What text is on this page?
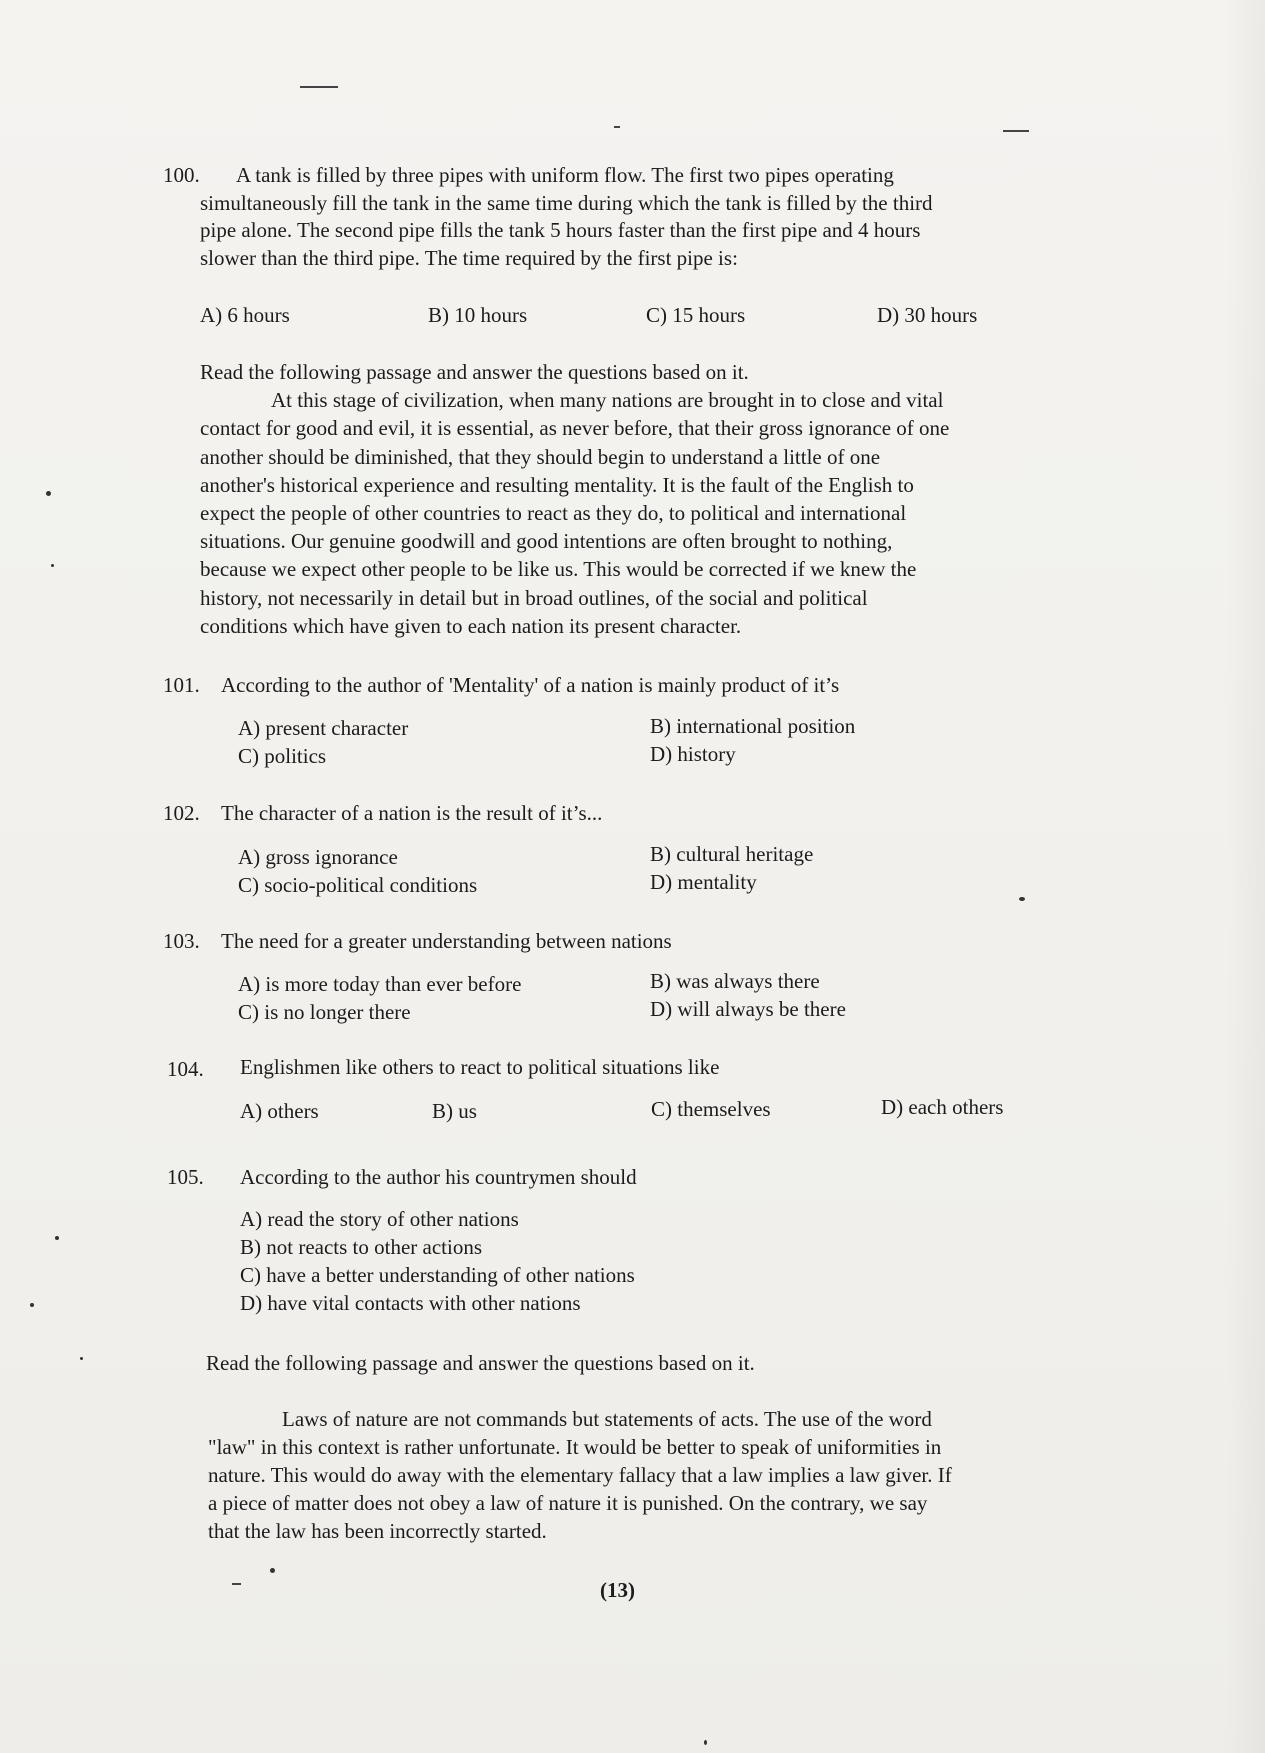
100. A tank is filled by three pipes with uniform flow. The first two pipes operating
simultaneously fill the tank in the same time during which the tank is filled by the third
pipe alone. The second pipe fills the tank 5 hours faster than the first pipe and 4 hours
slower than the third pipe. The time required by the first pipe is:
A) 6 hours	B) 10 hours	C) 15 hours	D) 30 hours
Read the following passage and answer the questions based on it.
At this stage of civilization, when many nations are brought in to close and vital
contact for good and evil, it is essential, as never before, that their gross ignorance of one
another should be diminished, that they should begin to understand a little of one
another's historical experience and resulting mentality. It is the fault of the English to
expect the people of other countries to react as they do, to political and international
situations. Our genuine goodwill and good intentions are often brought to nothing,
because we expect other people to be like us. This would be corrected if we knew the
history, not necessarily in detail but in broad outlines, of the social and political
conditions which have given to each nation its present character.
101. According to the author of 'Mentality' of a nation is mainly product of it’s
A) present character	B) international position
C) politics	D) history
102. The character of a nation is the result of it’s...
A) gross ignorance	B) cultural heritage
C) socio-political conditions	D) mentality
103. The need for a greater understanding between nations
A) is more today than ever before	B) was always there
C) is no longer there	D) will always be there
104. Englishmen like others to react to political situations like
A) others	B) us	C) themselves	D) each others
105. According to the author his countrymen should
A) read the story of other nations
B) not reacts to other actions
C) have a better understanding of other nations
D) have vital contacts with other nations
Read the following passage and answer the questions based on it.
Laws of nature are not commands but statements of acts. The use of the word
"law" in this context is rather unfortunate. It would be better to speak of uniformities in
nature. This would do away with the elementary fallacy that a law implies a law giver. If
a piece of matter does not obey a law of nature it is punished. On the contrary, we say
that the law has been incorrectly started.
(13)
